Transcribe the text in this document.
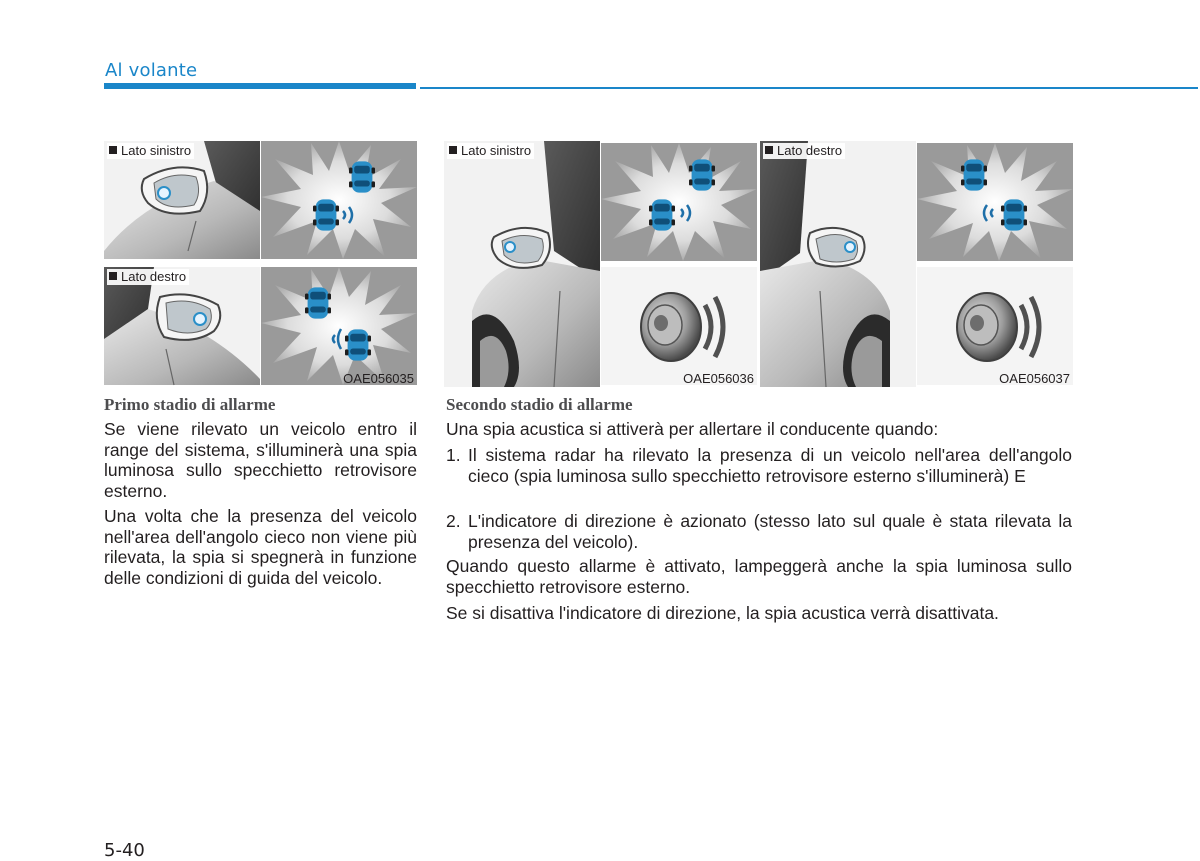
Al volante
Lato sinistro
Lato destro
OAE056035
Lato sinistro
OAE056036
Lato destro
OAE056037
Primo stadio di allarme

Se viene rilevato un veicolo entro il range del sistema, s'illuminerà una spia luminosa sullo specchietto retrovisore esterno.

Una volta che la presenza del veicolo nell'area dell'angolo cieco non viene più rilevata, la spia si spegnerà in funzione delle condizioni di guida del veicolo.

Secondo stadio di allarme

Una spia acustica si attiverà per allertare il conducente quando:

1. Il sistema radar ha rilevato la presenza di un veicolo nell'area dell'angolo cieco (spia luminosa sullo specchietto retrovisore esterno s'illuminerà) E
2. L'indicatore di direzione è azionato (stesso lato sul quale è stata rilevata la presenza del veicolo).

Quando questo allarme è attivato, lampeggerà anche la spia luminosa sullo specchietto retrovisore esterno.

Se si disattiva l'indicatore di direzione, la spia acustica verrà disattivata.

5-40
